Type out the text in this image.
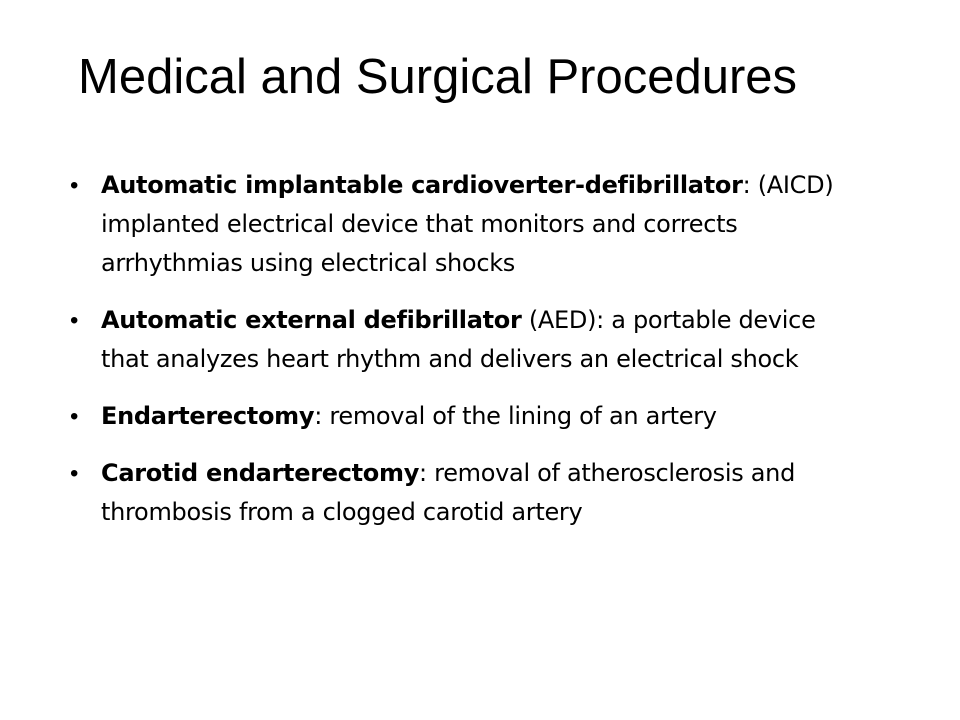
Medical and Surgical Procedures
• Automatic implantable cardioverter-defibrillator: (AICD) implanted electrical device that monitors and corrects arrhythmias using electrical shocks
• Automatic external defibrillator (AED): a portable device that analyzes heart rhythm and delivers an electrical shock
• Endarterectomy: removal of the lining of an artery
• Carotid endarterectomy: removal of atherosclerosis and thrombosis from a clogged carotid artery
